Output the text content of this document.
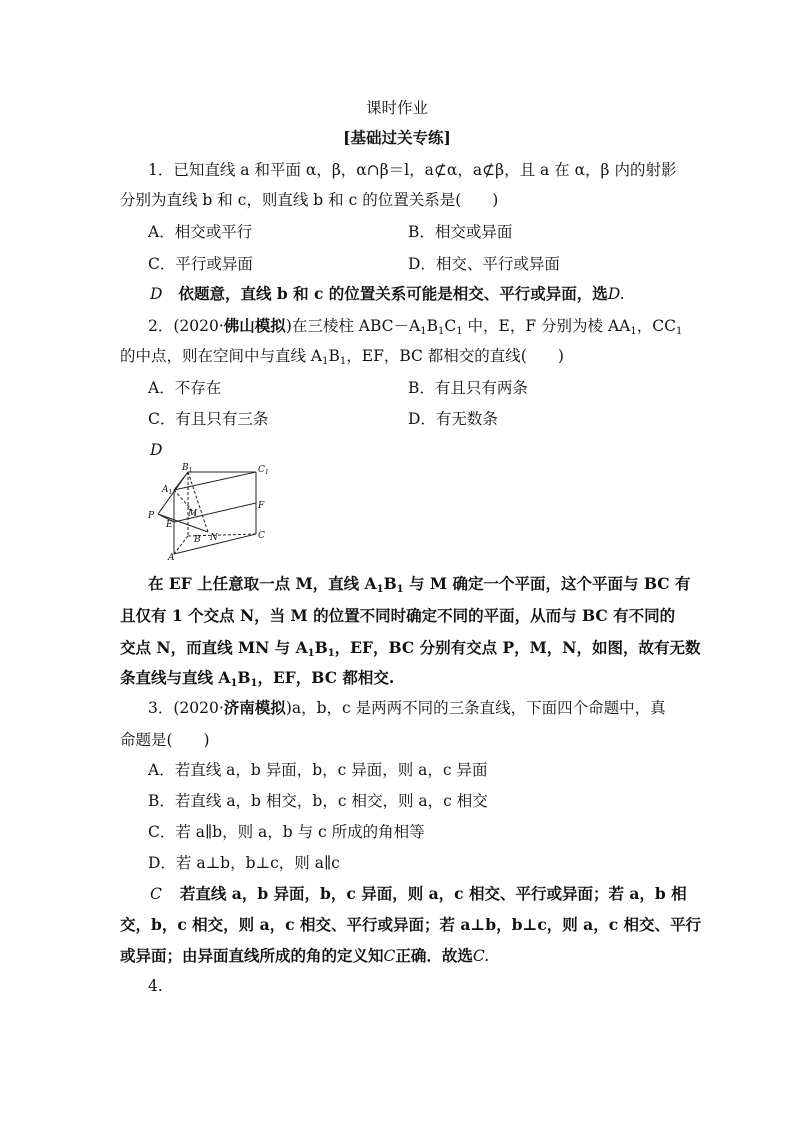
课时作业
[基础过关专练]
1．已知直线 a 和平面 α，β，α∩β＝l，a⊄α，a⊄β，且 a 在 α，β 内的射影
分别为直线 b 和 c，则直线 b 和 c 的位置关系是(　　)
A．相交或平行	B．相交或异面
C．平行或异面	D．相交、平行或异面
D 依题意，直线 b 和 c 的位置关系可能是相交、平行或异面，选D.
2．(2020·佛山模拟)在三棱柱 $ABC-A_1B_1C_1$ 中，E，F 分别为棱 $AA_1$，$CC_1$
的中点，则在空间中与直线 $A_1B_1$，EF，BC 都相交的直线(　　)
A．不存在	B．有且只有两条
C．有且只有三条	D．有无数条
D
$B_1$	$C_1$
$A_1$
F
P	M
E
B N	C
A
在 EF 上任意取一点 M，直线 $A_1B_1$ 与 M 确定一个平面，这个平面与 BC 有
且仅有 1 个交点 N，当 M 的位置不同时确定不同的平面，从而与 BC 有不同的
交点 N，而直线 MN 与 $A_1B_1$，EF，BC 分别有交点 P，M，N，如图，故有无数
条直线与直线 $A_1B_1$，EF，BC 都相交.
3．(2020·济南模拟)a，b，c 是两两不同的三条直线，下面四个命题中，真
命题是(　　)
A．若直线 a，b 异面，b，c 异面，则 a，c 异面
B．若直线 a，b 相交，b，c 相交，则 a，c 相交
C．若 a∥b，则 a，b 与 c 所成的角相等
D．若 a⊥b，b⊥c，则 a∥c
C 若直线 a，b 异面，b，c 异面，则 a，c 相交、平行或异面；若 a，b 相
交，b，c 相交，则 a，c 相交、平行或异面；若 a⊥b，b⊥c，则 a，c 相交、平行
或异面；由异面直线所成的角的定义知C正确．故选C.
4.
